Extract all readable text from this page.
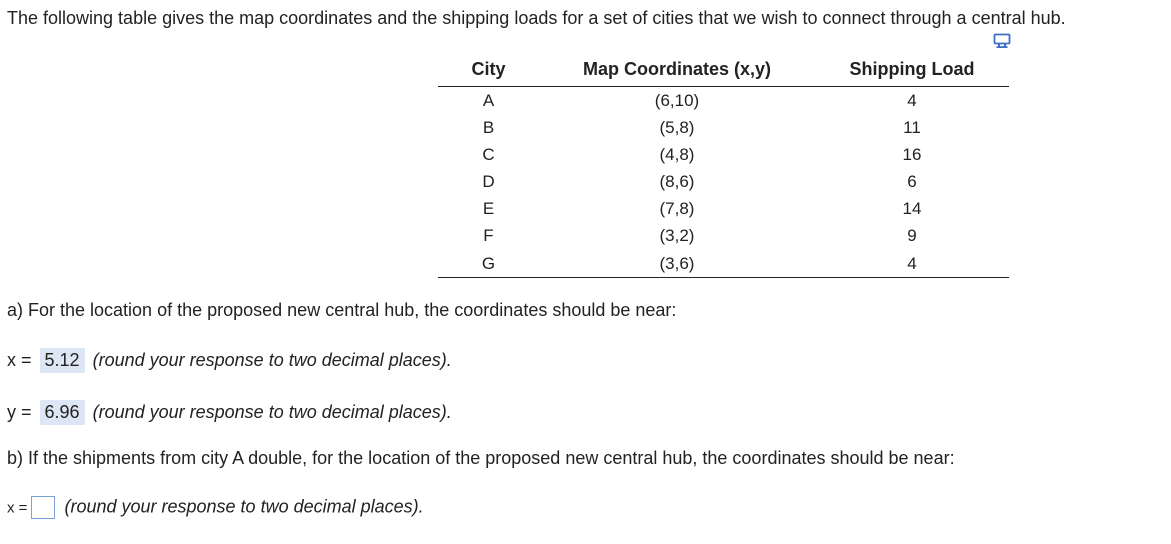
The following table gives the map coordinates and the shipping loads for a set of cities that we wish to connect through a central hub.
City	Map Coordinates (x,y)	Shipping Load
A	(6,10)	4
B	(5,8)	11
C	(4,8)	16
D	(8,6)	6
E	(7,8)	14
F	(3,2)	9
G	(3,6)	4
a) For the location of the proposed new central hub, the coordinates should be near:
x = 5.12 (round your response to two decimal places).
y = 6.96 (round your response to two decimal places).
b) If the shipments from city A double, for the location of the proposed new central hub, the coordinates should be near:
x = (round your response to two decimal places).
